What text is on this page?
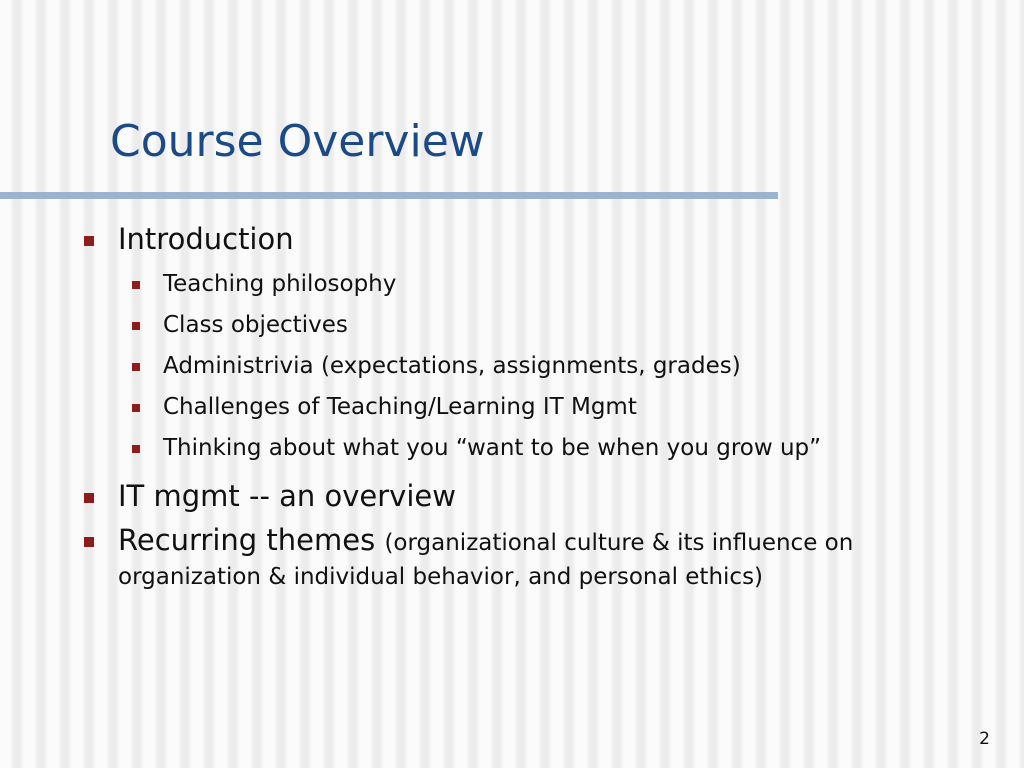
Course Overview
Introduction
Teaching philosophy
Class objectives
Administrivia (expectations, assignments, grades)
Challenges of Teaching/Learning IT Mgmt
Thinking about what you “want to be when you grow up”
IT mgmt -- an overview
Recurring themes (organizational culture & its influence on organization & individual behavior, and personal ethics)
2
